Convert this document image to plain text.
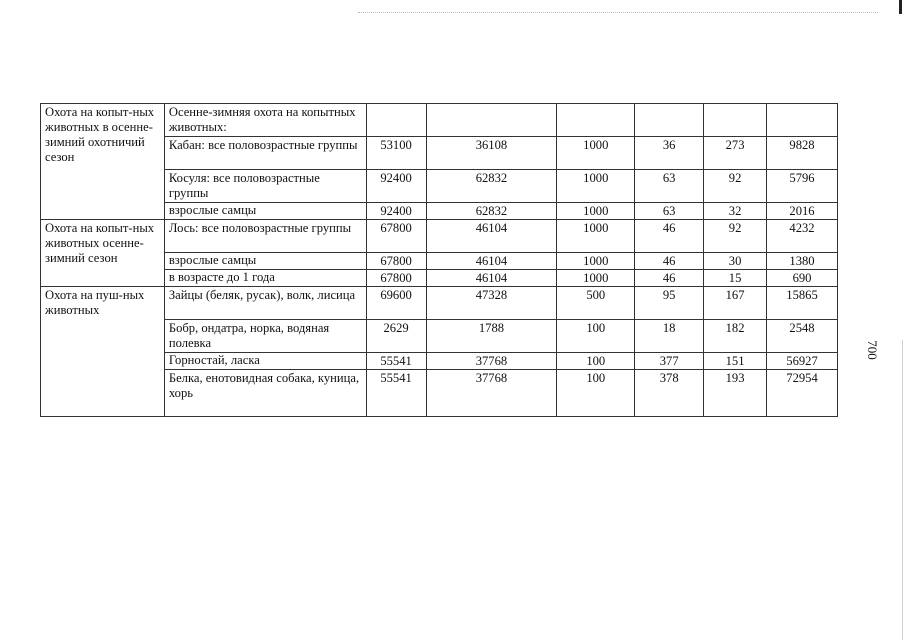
700
Охота на копыт-ных животных в осенне-зимний охотничий сезон	Осенне-зимняя охота на копытных животных:						
	Кабан: все половозрастные группы	53100	36108	1000	36	273	9828
	Косуля: все половозрастные группы	92400	62832	1000	63	92	5796
	взрослые самцы	92400	62832	1000	63	32	2016
Охота на копыт-ных животных осенне-зимний сезон	Лось: все половозрастные группы	67800	46104	1000	46	92	4232
	взрослые самцы	67800	46104	1000	46	30	1380
	в возрасте до 1 года	67800	46104	1000	46	15	690
Охота на пуш-ных животных	Зайцы (беляк, русак), волк, лисица	69600	47328	500	95	167	15865
	Бобр, ондатра, норка, водяная полевка	2629	1788	100	18	182	2548
	Горностай, ласка	55541	37768	100	377	151	56927
	Белка, енотовидная собака, куница, хорь	55541	37768	100	378	193	72954
